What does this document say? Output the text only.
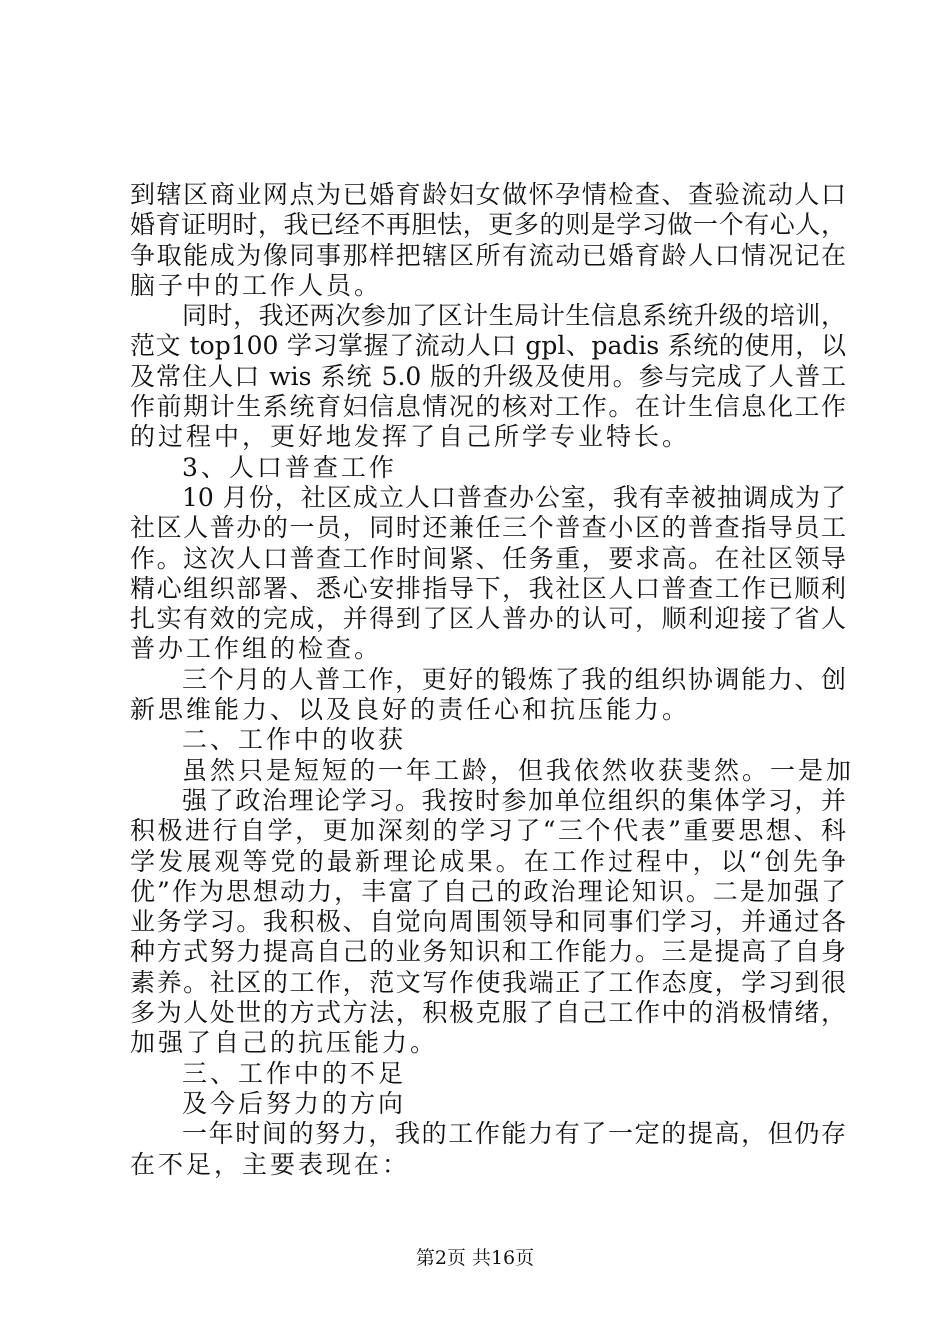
到辖区商业网点为已婚育龄妇女做怀孕情检查、查验流动人口
婚育证明时，我已经不再胆怯，更多的则是学习做一个有心人，
争取能成为像同事那样把辖区所有流动已婚育龄人口情况记在
脑子中的工作人员。
同时，我还两次参加了区计生局计生信息系统升级的培训，
范文 top100 学习掌握了流动人口 gpl、padis 系统的使用，以
及常住人口 wis 系统 5.0 版的升级及使用。参与完成了人普工
作前期计生系统育妇信息情况的核对工作。在计生信息化工作
的过程中，更好地发挥了自己所学专业特长。
3、人口普查工作
10 月份，社区成立人口普查办公室，我有幸被抽调成为了
社区人普办的一员，同时还兼任三个普查小区的普查指导员工
作。这次人口普查工作时间紧、任务重，要求高。在社区领导
精心组织部署、悉心安排指导下，我社区人口普查工作已顺利
扎实有效的完成，并得到了区人普办的认可，顺利迎接了省人
普办工作组的检查。
三个月的人普工作，更好的锻炼了我的组织协调能力、创
新思维能力、以及良好的责任心和抗压能力。
二、工作中的收获
虽然只是短短的一年工龄，但我依然收获斐然。一是加
强了政治理论学习。我按时参加单位组织的集体学习，并
积极进行自学，更加深刻的学习了“三个代表”重要思想、科
学发展观等党的最新理论成果。在工作过程中，以“创先争
优”作为思想动力，丰富了自己的政治理论知识。二是加强了
业务学习。我积极、自觉向周围领导和同事们学习，并通过各
种方式努力提高自己的业务知识和工作能力。三是提高了自身
素养。社区的工作，范文写作使我端正了工作态度，学习到很
多为人处世的方式方法，积极克服了自己工作中的消极情绪，
加强了自己的抗压能力。
三、工作中的不足
及今后努力的方向
一年时间的努力，我的工作能力有了一定的提高，但仍存
在不足，主要表现在：
第2页 共16页
